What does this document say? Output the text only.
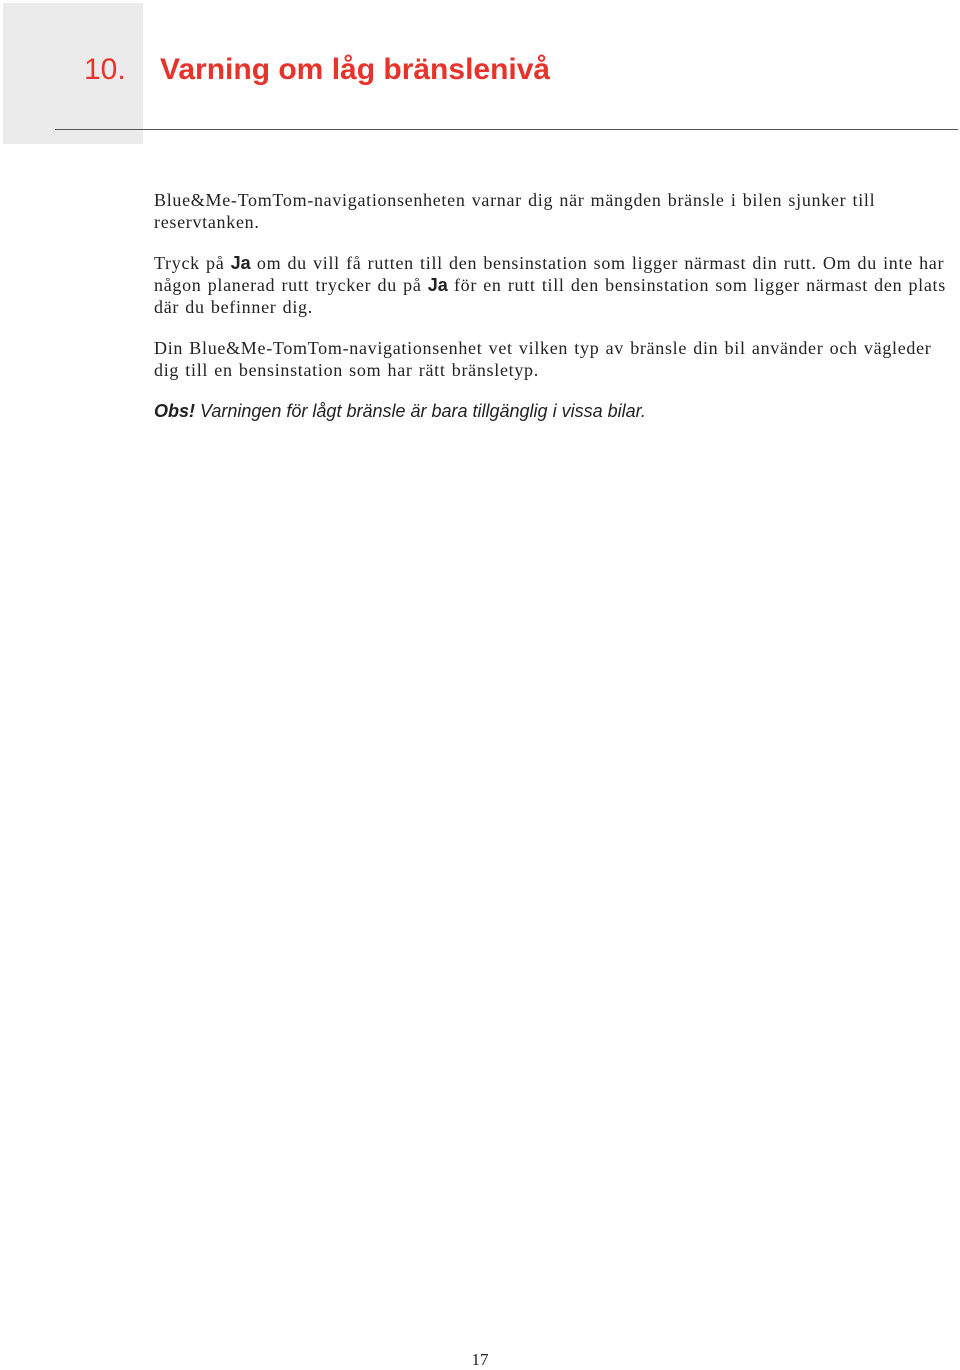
10. Varning om låg bränslenivå

Blue&Me-TomTom-navigationsenheten varnar dig när mängden bränsle i bilen sjunker till reservtanken.

Tryck på Ja om du vill få rutten till den bensinstation som ligger närmast din rutt. Om du inte har någon planerad rutt trycker du på Ja för en rutt till den bensinstation som ligger närmast den plats där du befinner dig.

Din Blue&Me-TomTom-navigationsenhet vet vilken typ av bränsle din bil använder och vägleder dig till en bensinstation som har rätt bränsletyp.

Obs! Varningen för lågt bränsle är bara tillgänglig i vissa bilar.

17
